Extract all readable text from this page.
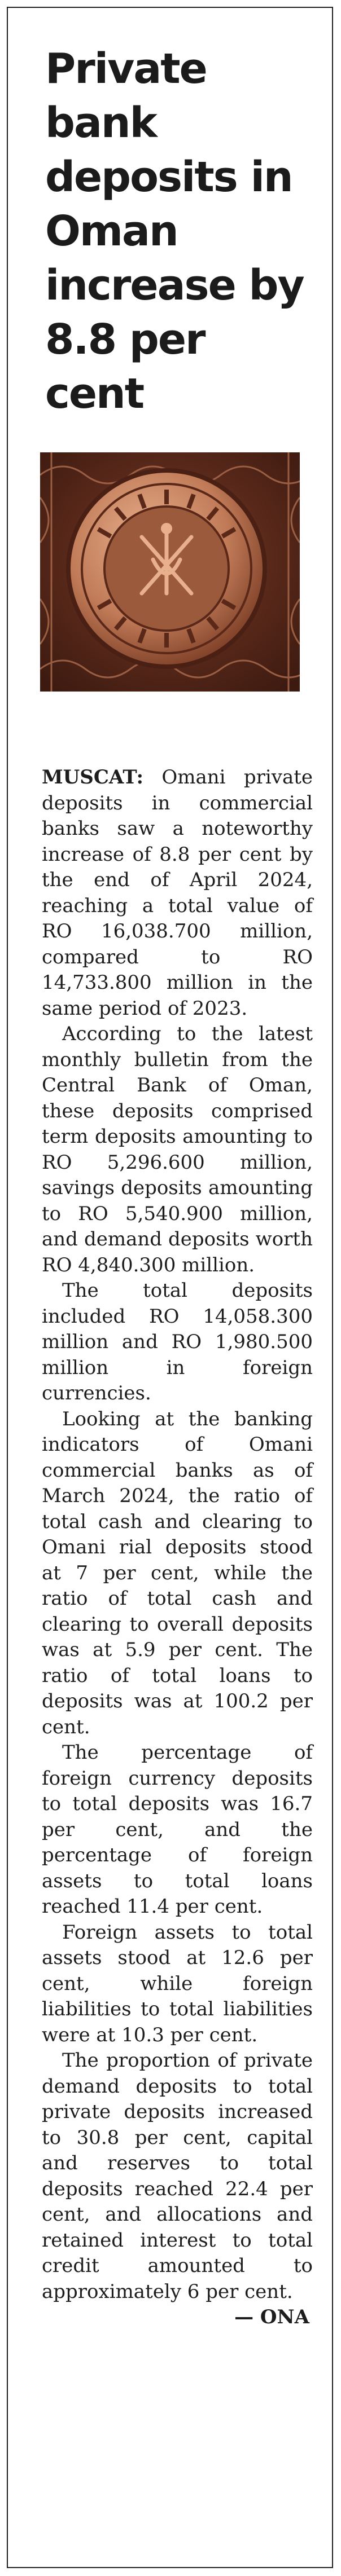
Private bank deposits in Oman increase by 8.8 per cent

MUSCAT: Omani private deposits in commercial banks saw a noteworthy increase of 8.8 per cent by the end of April 2024, reaching a total value of RO 16,038.700 million, compared to RO 14,733.800 million in the same period of 2023.

According to the latest monthly bulletin from the Central Bank of Oman, these deposits comprised term deposits amounting to RO 5,296.600 million, savings deposits amounting to RO 5,540.900 million, and demand deposits worth RO 4,840.300 million.

The total deposits included RO 14,058.300 million and RO 1,980.500 million in foreign currencies.

Looking at the banking indicators of Omani commercial banks as of March 2024, the ratio of total cash and clearing to Omani rial deposits stood at 7 per cent, while the ratio of total cash and clearing to overall deposits was at 5.9 per cent. The ratio of total loans to deposits was at 100.2 per cent.

The percentage of foreign currency deposits to total deposits was 16.7 per cent, and the percentage of foreign assets to total loans reached 11.4 per cent.

Foreign assets to total assets stood at 12.6 per cent, while foreign liabilities to total liabilities were at 10.3 per cent.

The proportion of private demand deposits to total private deposits increased to 30.8 per cent, capital and reserves to total deposits reached 22.4 per cent, and allocations and retained interest to total credit amounted to approximately 6 per cent.

— ONA
